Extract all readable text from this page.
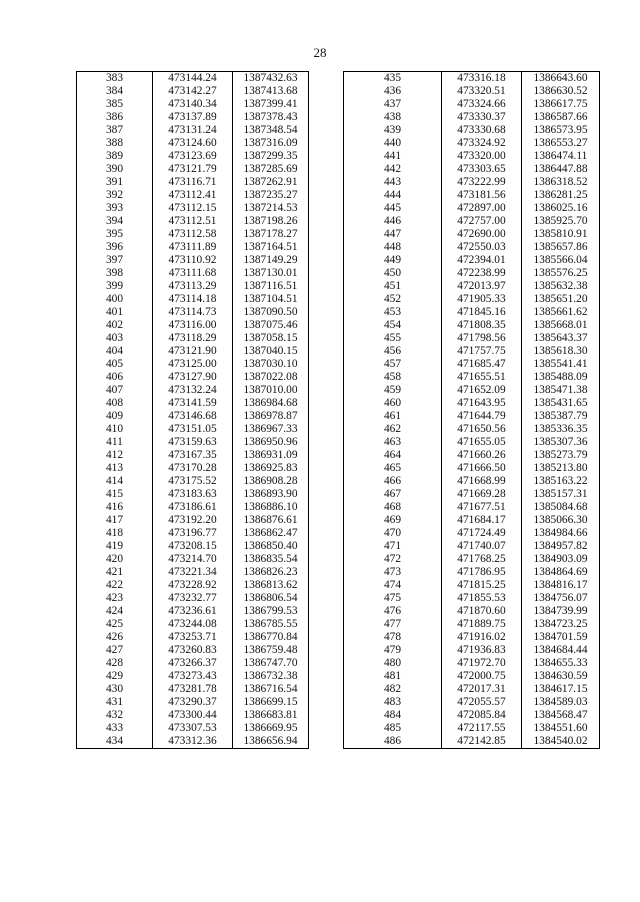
28
383	473144.24	1387432.63
384	473142.27	1387413.68
385	473140.34	1387399.41
386	473137.89	1387378.43
387	473131.24	1387348.54
388	473124.60	1387316.09
389	473123.69	1387299.35
390	473121.79	1387285.69
391	473116.71	1387262.91
392	473112.41	1387235.27
393	473112.15	1387214.53
394	473112.51	1387198.26
395	473112.58	1387178.27
396	473111.89	1387164.51
397	473110.92	1387149.29
398	473111.68	1387130.01
399	473113.29	1387116.51
400	473114.18	1387104.51
401	473114.73	1387090.50
402	473116.00	1387075.46
403	473118.29	1387058.15
404	473121.90	1387040.15
405	473125.00	1387030.10
406	473127.90	1387022.08
407	473132.24	1387010.00
408	473141.59	1386984.68
409	473146.68	1386978.87
410	473151.05	1386967.33
411	473159.63	1386950.96
412	473167.35	1386931.09
413	473170.28	1386925.83
414	473175.52	1386908.28
415	473183.63	1386893.90
416	473186.61	1386886.10
417	473192.20	1386876.61
418	473196.77	1386862.47
419	473208.15	1386850.40
420	473214.70	1386835.54
421	473221.34	1386826.23
422	473228.92	1386813.62
423	473232.77	1386806.54
424	473236.61	1386799.53
425	473244.08	1386785.55
426	473253.71	1386770.84
427	473260.83	1386759.48
428	473266.37	1386747.70
429	473273.43	1386732.38
430	473281.78	1386716.54
431	473290.37	1386699.15
432	473300.44	1386683.81
433	473307.53	1386669.95
434	473312.36	1386656.94
435	473316.18	1386643.60
436	473320.51	1386630.52
437	473324.66	1386617.75
438	473330.37	1386587.66
439	473330.68	1386573.95
440	473324.92	1386553.27
441	473320.00	1386474.11
442	473303.65	1386447.88
443	473222.99	1386318.52
444	473181.56	1386281.25
445	472897.00	1386025.16
446	472757.00	1385925.70
447	472690.00	1385810.91
448	472550.03	1385657.86
449	472394.01	1385566.04
450	472238.99	1385576.25
451	472013.97	1385632.38
452	471905.33	1385651.20
453	471845.16	1385661.62
454	471808.35	1385668.01
455	471798.56	1385643.37
456	471757.75	1385618.30
457	471685.47	1385541.41
458	471655.51	1385488.09
459	471652.09	1385471.38
460	471643.95	1385431.65
461	471644.79	1385387.79
462	471650.56	1385336.35
463	471655.05	1385307.36
464	471660.26	1385273.79
465	471666.50	1385213.80
466	471668.99	1385163.22
467	471669.28	1385157.31
468	471677.51	1385084.68
469	471684.17	1385066.30
470	471724.49	1384984.66
471	471740.07	1384957.82
472	471768.25	1384903.09
473	471786.95	1384864.69
474	471815.25	1384816.17
475	471855.53	1384756.07
476	471870.60	1384739.99
477	471889.75	1384723.25
478	471916.02	1384701.59
479	471936.83	1384684.44
480	471972.70	1384655.33
481	472000.75	1384630.59
482	472017.31	1384617.15
483	472055.57	1384589.03
484	472085.84	1384568.47
485	472117.55	1384551.60
486	472142.85	1384540.02
